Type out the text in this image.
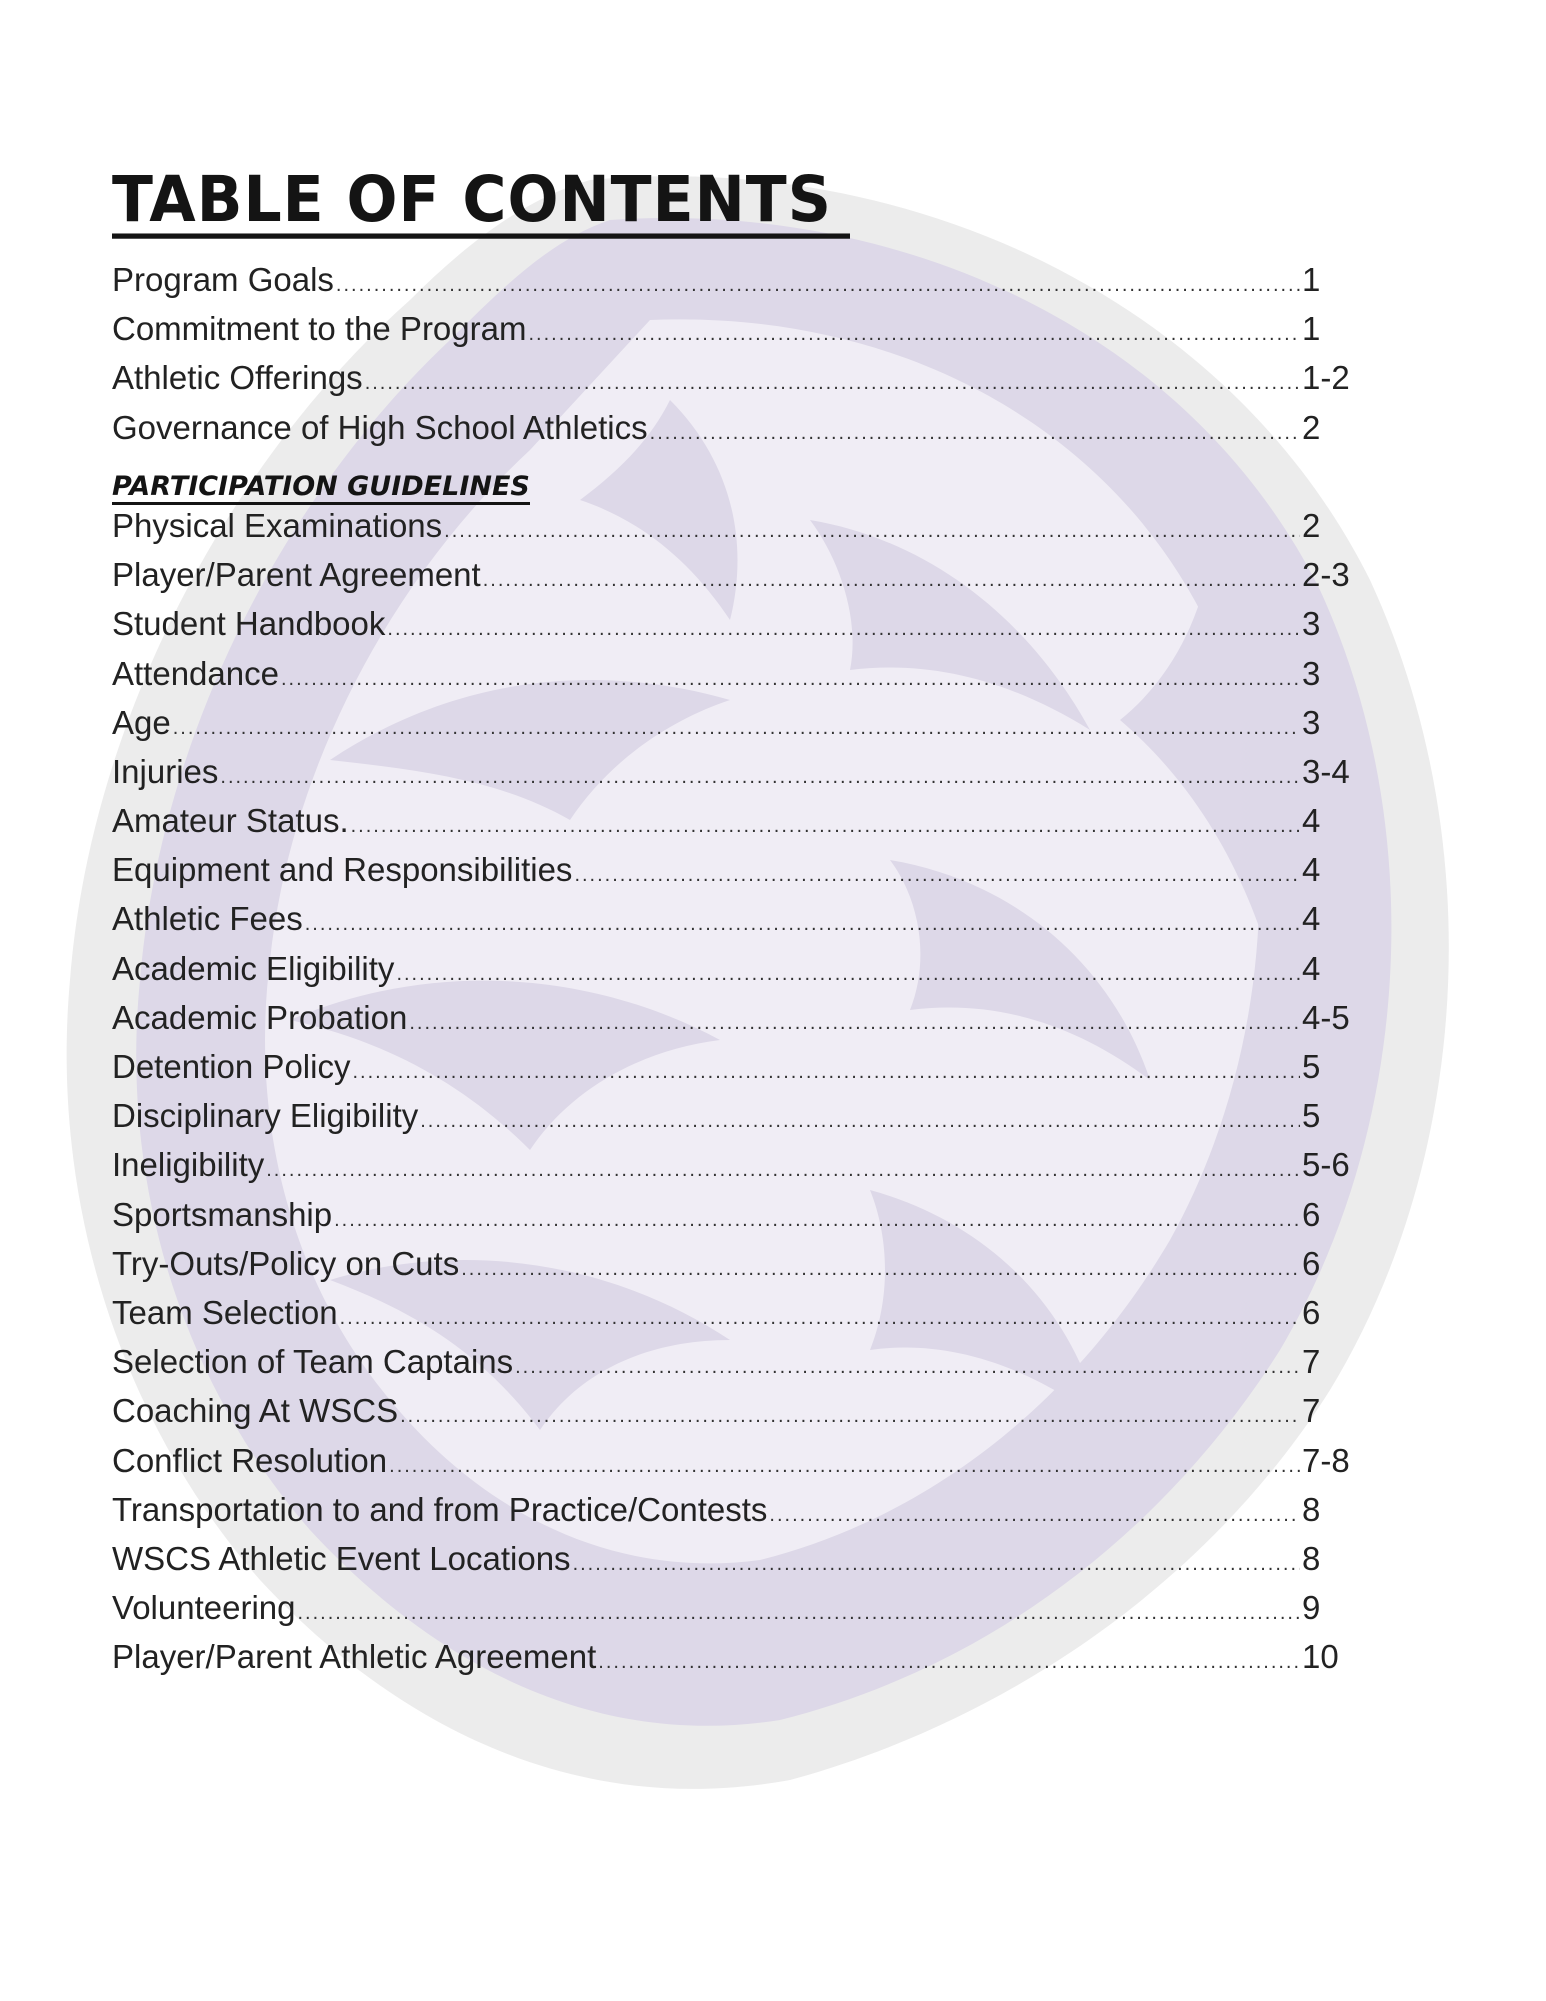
TABLE OF CONTENTS
Program Goals .....	1
Commitment to the Program .....	1
Athletic Offerings .....	1-2
Governance of High School Athletics .....	2
PARTICIPATION GUIDELINES
Physical Examinations .....	2
Player/Parent Agreement .....	2-3
Student Handbook .....	3
Attendance .....	3
Age .....	3
Injuries .....	3-4
Amateur Status. .....	4
Equipment and Responsibilities .....	4
Athletic Fees .....	4
Academic Eligibility .....	4
Academic Probation .....	4-5
Detention Policy .....	5
Disciplinary Eligibility .....	5
Ineligibility .....	5-6
Sportsmanship .....	6
Try-Outs/Policy on Cuts .....	6
Team Selection .....	6
Selection of Team Captains .....	7
Coaching At WSCS .....	7
Conflict Resolution .....	7-8
Transportation to and from Practice/Contests .....	8
WSCS Athletic Event Locations .....	8
Volunteering .....	9
Player/Parent Athletic Agreement .....	10
